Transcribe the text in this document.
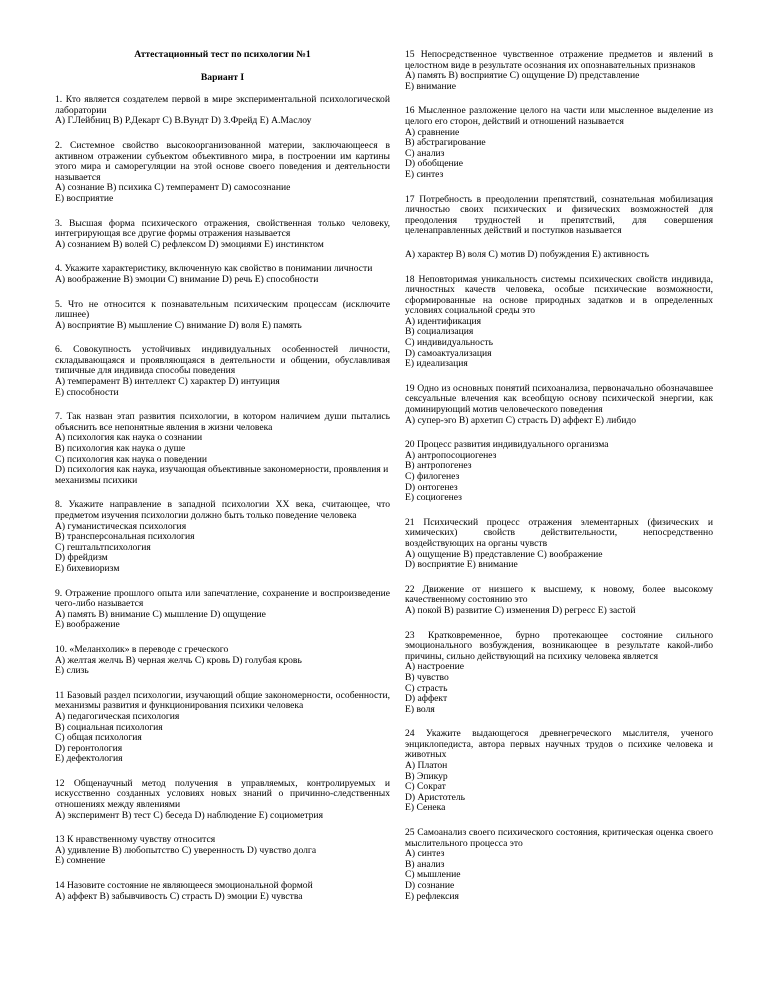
Аттестационный тест по психологии №1

Вариант I

1. Кто является создателем первой в мире экспериментальной психологической лаборатории

A) Г.Лейбниц B) Р.Декарт C) В.Вундт D) З.Фрейд E) А.Маслоу

2. Системное свойство высокоорганизованной материи, заключающееся в активном отражении субъектом объективного мира, в построении им картины этого мира и саморегуляции на этой основе своего поведения и деятельности называется

A) сознание B) психика C) темперамент D) самосознание

E) восприятие

3. Высшая форма психического отражения, свойственная только человеку, интегрирующая все другие формы отражения называется

A) сознанием B) волей C) рефлексом D) эмоциями E) инстинктом

4. Укажите характеристику, включенную как свойство в понимании личности

A) воображение B) эмоции C) внимание D) речь E) способности

5. Что не относится к познавательным психическим процессам (исключите лишнее)

A) восприятие B) мышление C) внимание D) воля E) память

6. Совокупность устойчивых индивидуальных особенностей личности, складывающаяся и проявляющаяся в деятельности и общении, обуславливая типичные для индивида способы поведения

A) темперамент B) интеллект C) характер D) интуиция

E) способности

7. Так назван этап развития психологии, в котором наличием души пытались объяснить все непонятные явления в жизни человека

A) психология как наука о сознании

B) психология как наука о душе

C) психология как наука о поведении

D) психология как наука, изучающая объективные закономерности, проявления и механизмы психики

8. Укажите направление в западной психологии XX века, считающее, что предметом изучения психологии должно быть только поведение человека

A) гуманистическая психология

B) трансперсональная психология

C) гештальтпсихология

D) фрейдизм

E) бихевиоризм

9. Отражение прошлого опыта или запечатление, сохранение и воспроизведение чего-либо называется

A) память B) внимание C) мышление D) ощущение

E) воображение

10. «Меланхолик» в переводе с греческого

A) желтая желчь B) черная желчь C) кровь D) голубая кровь

E) слизь

11 Базовый раздел психологии, изучающий общие закономерности, особенности, механизмы развития и функционирования психики человека

A) педагогическая психология

B) социальная психология

C) общая психология

D) геронтология

E) дефектология

12 Общенаучный метод получения в управляемых, контролируемых и искусственно созданных условиях новых знаний о причинно-следственных отношениях между явлениями

A) эксперимент B) тест C) беседа D) наблюдение E) социометрия

13 К нравственному чувству относится

A) удивление B) любопытство C) уверенность D) чувство долга

E) сомнение

14 Назовите состояние не являющееся эмоциональной формой

A) аффект B) забывчивость C) страсть D) эмоции E) чувства

15 Непосредственное чувственное отражение предметов и явлений в целостном виде в результате осознания их опознавательных признаков

A) память B) восприятие C) ощущение D) представление

E) внимание

16 Мысленное разложение целого на части или мысленное выделение из целого его сторон, действий и отношений называется

A) сравнение

B) абстрагирование

C) анализ

D) обобщение

E) синтез

17 Потребность в преодолении препятствий, сознательная мобилизация личностью своих психических и физических возможностей для преодоления трудностей и препятствий, для совершения целенаправленных действий и поступков называется

A) характер B) воля C) мотив D) побуждения E) активность

18 Неповторимая уникальность системы психических свойств индивида, личностных качеств человека, особые психические возможности, сформированные на основе природных задатков и в определенных условиях социальной среды это

A) идентификация

B) социализация

C) индивидуальность

D) самоактуализация

E) идеализация

19 Одно из основных понятий психоанализа, первоначально обозначавшее сексуальные влечения как всеобщую основу психической энергии, как доминирующий мотив человеческого поведения

A) супер-эго B) архетип C) страсть D) аффект E) либидо

20 Процесс развития индивидуального организма

A) антропосоциогенез

B) антропогенез

C) филогенез

D) онтогенез

E) социогенез

21 Психический процесс отражения элементарных (физических и химических) свойств действительности, непосредственно воздействующих на органы чувств

A) ощущение B) представление C) воображение

D) восприятие E) внимание

22 Движение от низшего к высшему, к новому, более высокому качественному состоянию это

A) покой B) развитие C) изменения D) регресс E) застой

23 Кратковременное, бурно протекающее состояние сильного эмоционального возбуждения, возникающее в результате какой-либо причины, сильно действующий на психику человека является

A) настроение

B) чувство

C) страсть

D) аффект

E) воля

24 Укажите выдающегося древнегреческого мыслителя, ученого энциклопедиста, автора первых научных трудов о психике человека и животных

A) Платон

B) Эпикур

C) Сократ

D) Аристотель

E) Сенека

25 Самоанализ своего психического состояния, критическая оценка своего мыслительного процесса это

A) синтез

B) анализ

C) мышление

D) сознание

E) рефлексия
